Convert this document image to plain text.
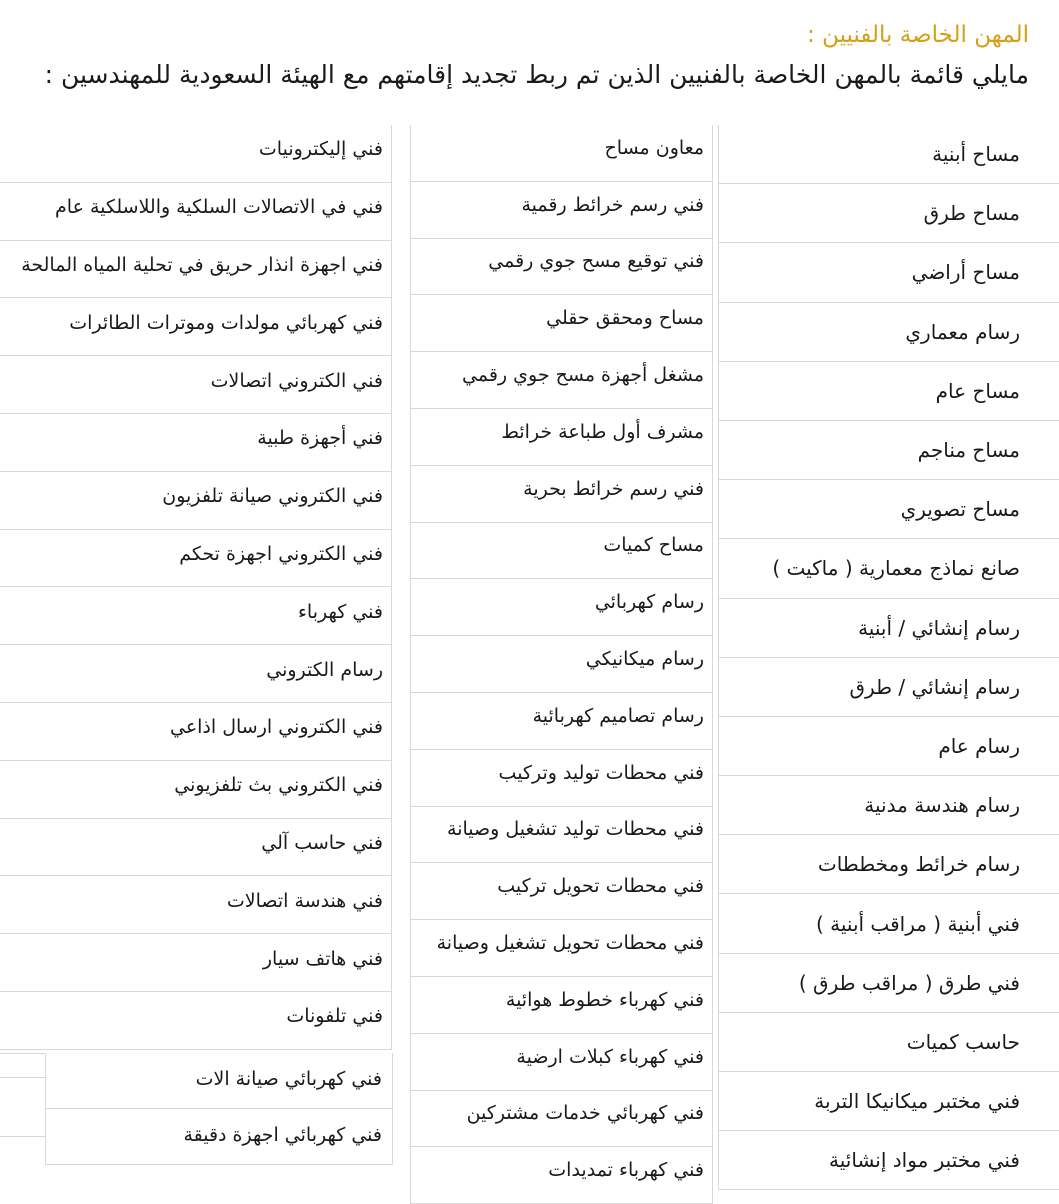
المهن الخاصة بالفنيين :

مايلي قائمة بالمهن الخاصة بالفنيين الذين تم ربط تجديد إقامتهم مع الهيئة السعودية للمهندسين :

مساح أبنية
مساح طرق
مساح أراضي
رسام معماري
مساح عام
مساح مناجم
مساح تصويري
صانع نماذج معمارية ( ماكيت )
رسام إنشائي / أبنية
رسام إنشائي / طرق
رسام عام
رسام هندسة مدنية
رسام خرائط ومخططات
فني أبنية ( مراقب أبنية )
فني طرق ( مراقب طرق )
حاسب كميات
فني مختبر ميكانيكا التربة
فني مختبر مواد إنشائية
معاون مساح
فني رسم خرائط رقمية
فني توقيع مسح جوي رقمي
مساح ومحقق حقلي
مشغل أجهزة مسح جوي رقمي
مشرف أول طباعة خرائط
فني رسم خرائط بحرية
مساح كميات
رسام كهربائي
رسام ميكانيكي
رسام تصاميم كهربائية
فني محطات توليد وتركيب
فني محطات توليد تشغيل وصيانة
فني محطات تحويل تركيب
فني محطات تحويل تشغيل وصيانة
فني كهرباء خطوط هوائية
فني كهرباء كبلات ارضية
فني كهربائي خدمات مشتركين
فني كهرباء تمديدات
فني إليكترونيات
فني في الاتصالات السلكية واللاسلكية عام
فني اجهزة انذار حريق في تحلية المياه المالحة
فني كهربائي مولدات وموترات الطائرات
فني الكتروني اتصالات
فني أجهزة طبية
فني الكتروني صيانة تلفزيون
فني الكتروني اجهزة تحكم
فني كهرباء
رسام الكتروني
فني الكتروني ارسال اذاعي
فني الكتروني بث تلفزيوني
فني حاسب آلي
فني هندسة اتصالات
فني هاتف سيار
فني تلفونات
فني كهربائي صيانة الات
فني كهربائي اجهزة دقيقة
